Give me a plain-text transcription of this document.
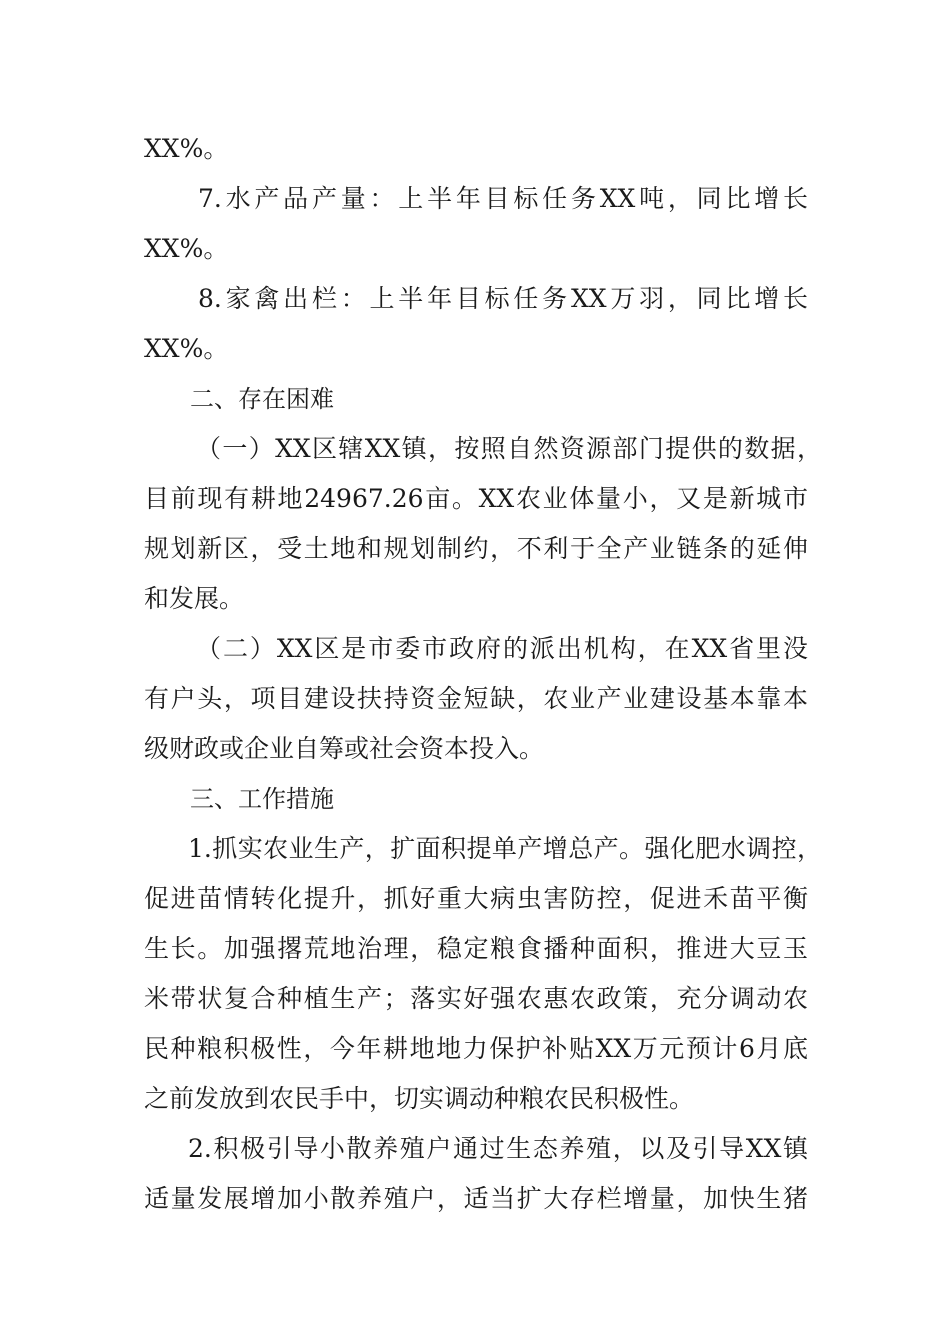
XX%。
7.水产品产量：上半年目标任务XX吨，同比增长
XX%。
8.家禽出栏：上半年目标任务XX万羽，同比增长
XX%。
二、存在困难
（一）XX区辖XX镇，按照自然资源部门提供的数据，
目前现有耕地24967.26亩。XX农业体量小，又是新城市
规划新区，受土地和规划制约，不利于全产业链条的延伸
和发展。
（二）XX区是市委市政府的派出机构，在XX省里没
有户头，项目建设扶持资金短缺，农业产业建设基本靠本
级财政或企业自筹或社会资本投入。
三、工作措施
1.抓实农业生产，扩面积提单产增总产。强化肥水调控，
促进苗情转化提升，抓好重大病虫害防控，促进禾苗平衡
生长。加强撂荒地治理，稳定粮食播种面积，推进大豆玉
米带状复合种植生产；落实好强农惠农政策，充分调动农
民种粮积极性，今年耕地地力保护补贴XX万元预计6月底
之前发放到农民手中，切实调动种粮农民积极性。
2.积极引导小散养殖户通过生态养殖，以及引导XX镇
适量发展增加小散养殖户，适当扩大存栏增量，加快生猪
